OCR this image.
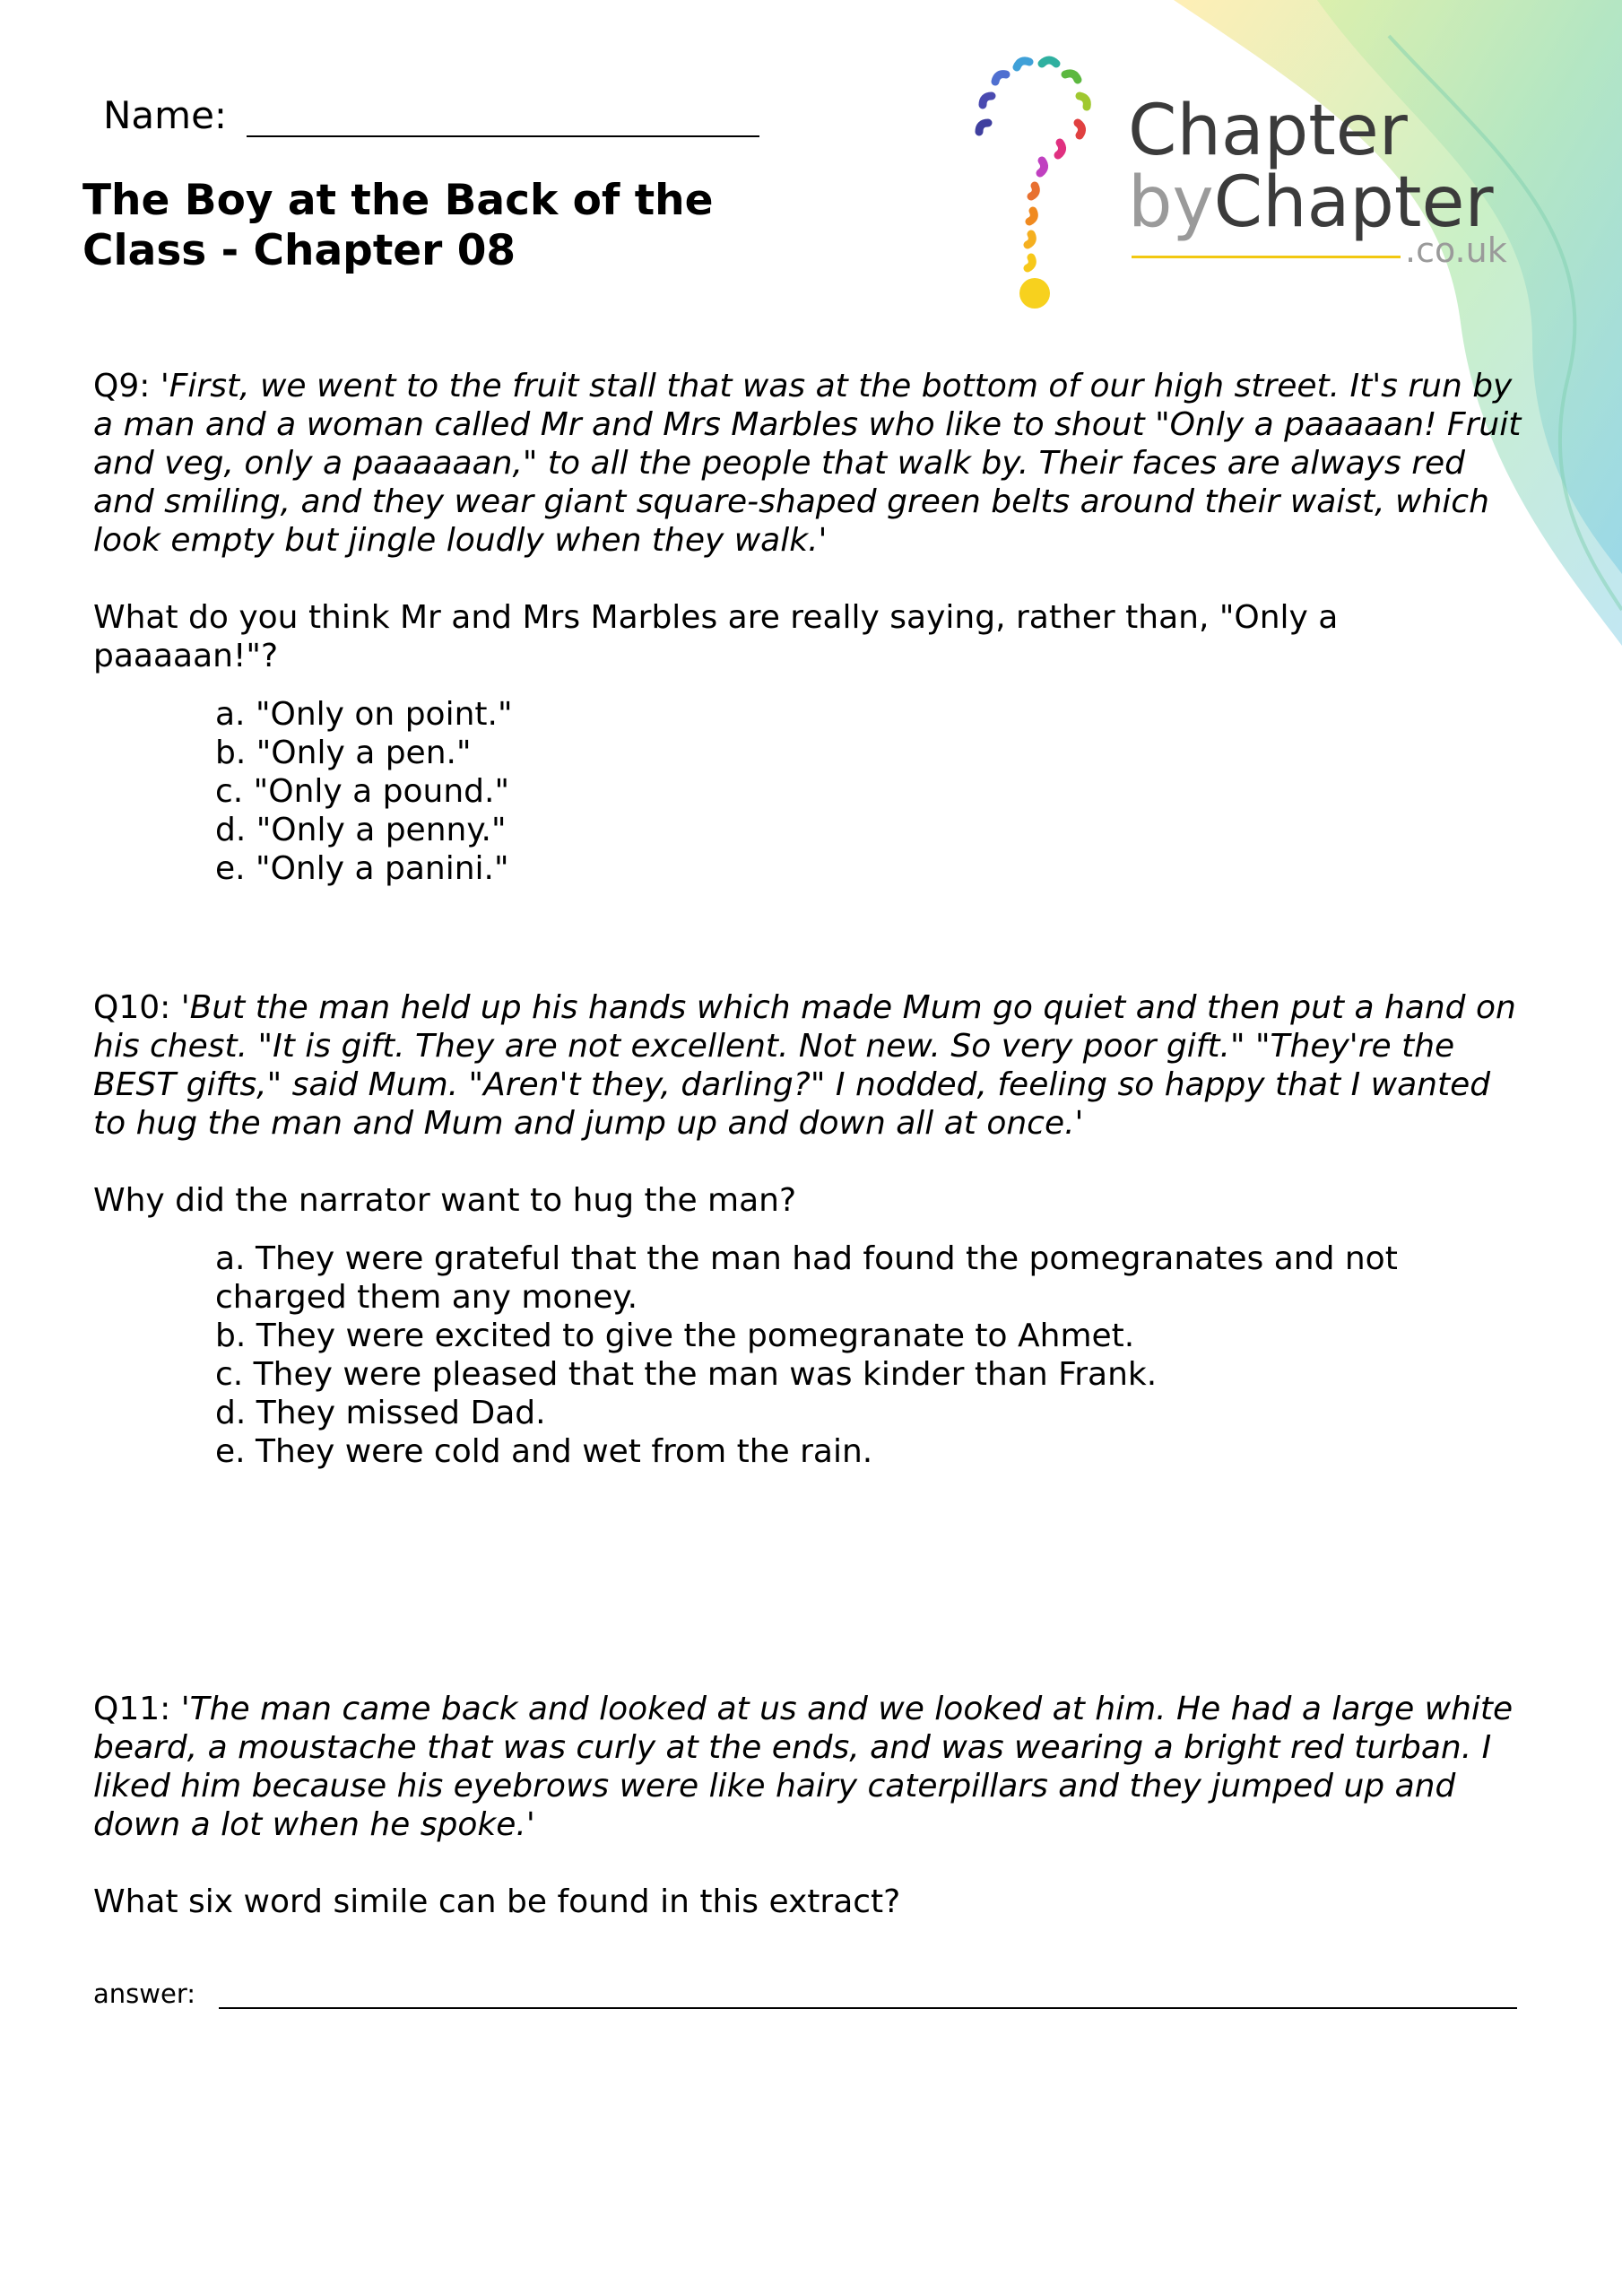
Name:
The Boy at the Back of the Class - Chapter 08
Chapter
byChapter
.co.uk

Q9: 'First, we went to the fruit stall that was at the bottom of our high street. It's run by a man and a woman called Mr and Mrs Marbles who like to shout "Only a paaaaan! Fruit and veg, only a paaaaaan," to all the people that walk by. Their faces are always red and smiling, and they wear giant square-shaped green belts around their waist, which look empty but jingle loudly when they walk.'

What do you think Mr and Mrs Marbles are really saying, rather than, "Only a paaaaan!"?

a. "Only on point."
b. "Only a pen."
c. "Only a pound."
d. "Only a penny."
e. "Only a panini."

Q10: 'But the man held up his hands which made Mum go quiet and then put a hand on his chest. "It is gift. They are not excellent. Not new. So very poor gift." "They're the BEST gifts," said Mum. "Aren't they, darling?" I nodded, feeling so happy that I wanted to hug the man and Mum and jump up and down all at once.'

Why did the narrator want to hug the man?

a. They were grateful that the man had found the pomegranates and not charged them any money.
b. They were excited to give the pomegranate to Ahmet.
c. They were pleased that the man was kinder than Frank.
d. They missed Dad.
e. They were cold and wet from the rain.

Q11: 'The man came back and looked at us and we looked at him. He had a large white beard, a moustache that was curly at the ends, and was wearing a bright red turban. I liked him because his eyebrows were like hairy caterpillars and they jumped up and down a lot when he spoke.'

What six word simile can be found in this extract?

answer:
